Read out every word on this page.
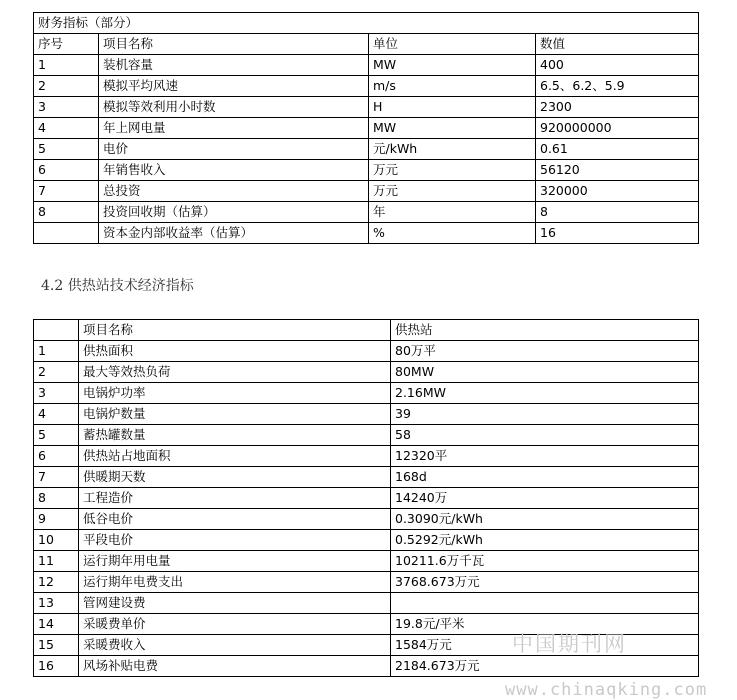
财务指标（部分）			
序号	项目名称	单位	数值
1	装机容量	MW	400
2	模拟平均风速	m/s	6.5、6.2、5.9
3	模拟等效利用小时数	H	2300
4	年上网电量	MW	920000000
5	电价	元/kWh	0.61
6	年销售收入	万元	56120
7	总投资	万元	320000
8	投资回收期（估算）	年	8
	资本金内部收益率（估算）	%	16
4.2 供热站技术经济指标
	项目名称	供热站
1	供热面积	80万平
2	最大等效热负荷	80MW
3	电锅炉功率	2.16MW
4	电锅炉数量	39
5	蓄热罐数量	58
6	供热站占地面积	12320平
7	供暖期天数	168d
8	工程造价	14240万
9	低谷电价	0.3090元/kWh
10	平段电价	0.5292元/kWh
11	运行期年用电量	10211.6万千瓦
12	运行期年电费支出	3768.673万元
13	管网建设费	
14	采暖费单价	19.8元/平米
15	采暖费收入	1584万元
16	风场补贴电费	2184.673万元
中国期刊网
www.chinaqking.com
